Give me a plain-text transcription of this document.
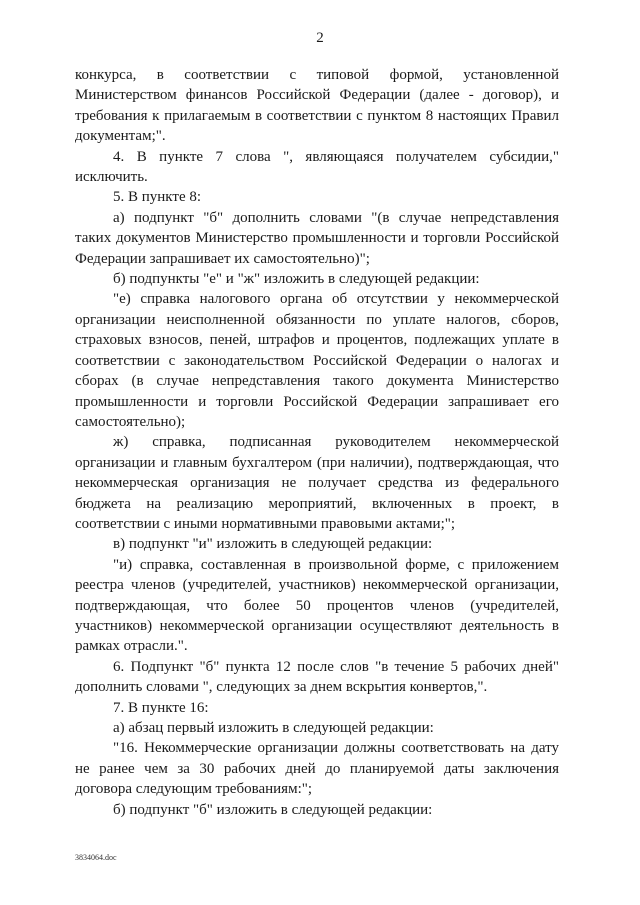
2

конкурса, в соответствии с типовой формой, установленной Министерством финансов Российской Федерации (далее - договор), и требования к прилагаемым в соответствии с пунктом 8 настоящих Правил документам;".

4. В пункте 7 слова ", являющаяся получателем субсидии," исключить.

5. В пункте 8:

а) подпункт "б" дополнить словами "(в случае непредставления таких документов Министерство промышленности и торговли Российской Федерации запрашивает их самостоятельно)";

б) подпункты "е" и "ж" изложить в следующей редакции:

"е) справка налогового органа об отсутствии у некоммерческой организации неисполненной обязанности по уплате налогов, сборов, страховых взносов, пеней, штрафов и процентов, подлежащих уплате в соответствии с законодательством Российской Федерации о налогах и сборах (в случае непредставления такого документа Министерство промышленности и торговли Российской Федерации запрашивает его самостоятельно);

ж) справка, подписанная руководителем некоммерческой организации и главным бухгалтером (при наличии), подтверждающая, что некоммерческая организация не получает средства из федерального бюджета на реализацию мероприятий, включенных в проект, в соответствии с иными нормативными правовыми актами;";

в) подпункт "и" изложить в следующей редакции:

"и) справка, составленная в произвольной форме, с приложением реестра членов (учредителей, участников) некоммерческой организации, подтверждающая, что более 50 процентов членов (учредителей, участников) некоммерческой организации осуществляют деятельность в рамках отрасли.".

6. Подпункт "б" пункта 12 после слов "в течение 5 рабочих дней" дополнить словами ", следующих за днем вскрытия конвертов,".

7. В пункте 16:

а) абзац первый изложить в следующей редакции:

"16. Некоммерческие организации должны соответствовать на дату не ранее чем за 30 рабочих дней до планируемой даты заключения договора следующим требованиям:";

б) подпункт "б" изложить в следующей редакции:

3834064.doc
